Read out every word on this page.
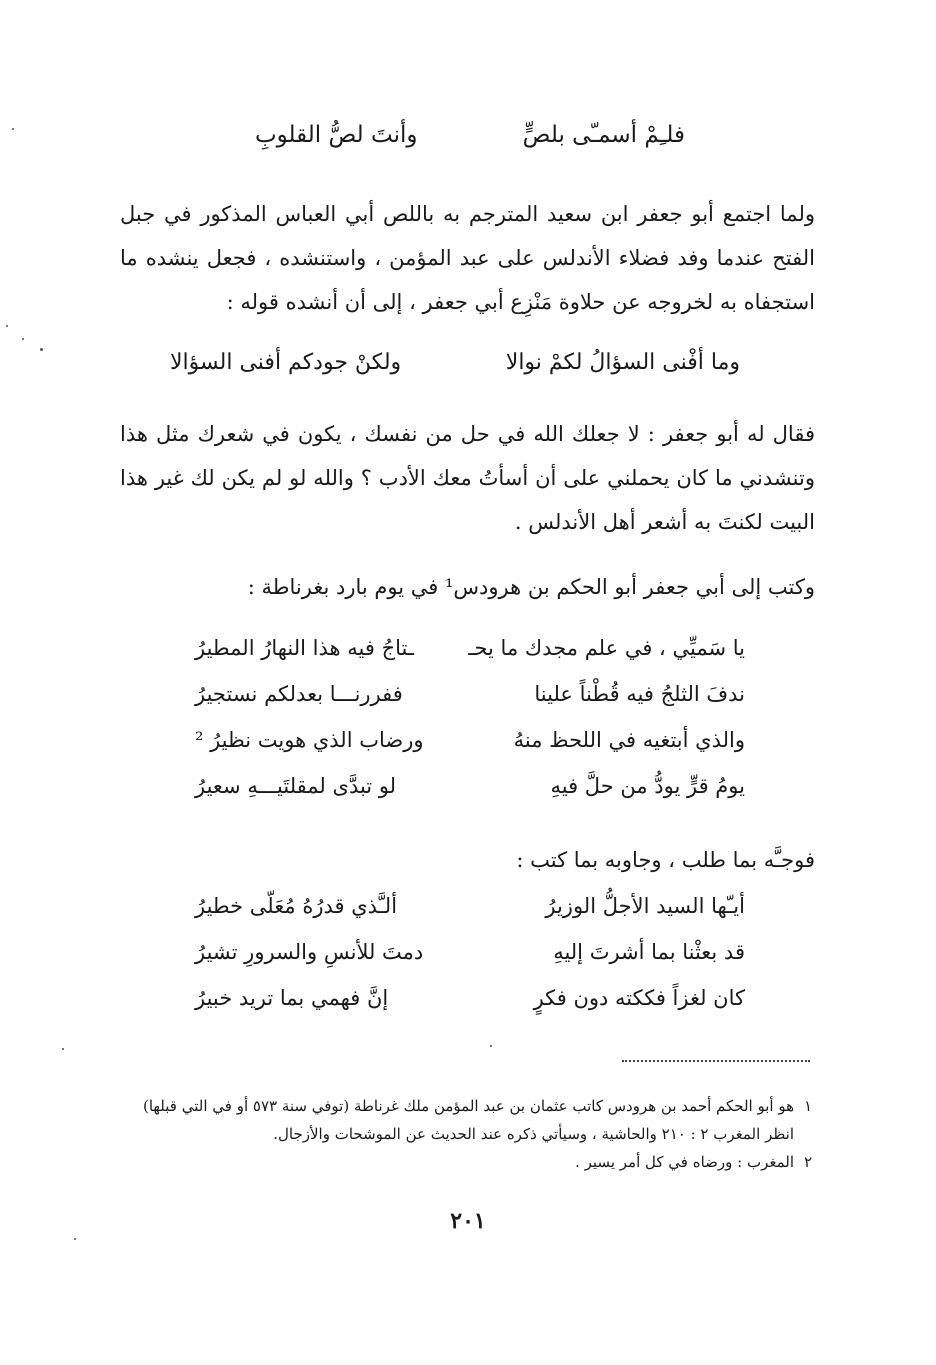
فلـِمْ أسمـّى بلصٍّ
وأنتَ لصُّ القلوبِ
ولما اجتمع أبو جعفر ابن سعيد المترجم به باللص أبي العباس المذكور في جبل الفتح عندما وفد فضلاء الأندلس على عبد المؤمن ، واستنشده ، فجعل ينشده ما استجفاه به لخروجه عن حلاوة مَنْزِع أبي جعفر ، إلى أن أنشده قوله :
وما أفْنى السؤالُ لكمْ نوالا
ولكنْ جودكم أفنى السؤالا
فقال له أبو جعفر : لا جعلك الله في حل من نفسك ، يكون في شعرك مثل هذا وتنشدني ما كان يحملني على أن أسأتُ معك الأدب ؟ والله لو لم يكن لك غير هذا البيت لكنتَ به أشعر أهل الأندلس .
وكتب إلى أبي جعفر أبو الحكم بن هرودس¹ في يوم بارد بغرناطة :
يا سَميِّي ، في علم مجدك ما يحـ
ـتاجُ فيه هذا النهارُ المطيرُ
ندفَ الثلجُ فيه قُطْناً علينا
ففررنـــا بعدلكم نستجيرُ
والذي أبتغيه في اللحظ منهُ
ورضاب الذي هويت نظيرُ ²
يومُ قرٍّ يودُّ من حلَّ فيهِ
لو تبدَّى لمقلتَيـــهِ سعيرُ
فوجـَّه بما طلب ، وجاوبه بما كتب :
أيـّها السيد الأجلُّ الوزيرُ
ألـَّذي قدرُهُ مُعَلّى خطيرُ
قد بعثْنا بما أشرتَ إليهِ
دمتَ للأنسِ والسرورِ تشيرُ
كان لغزاً فككته دون فكرٍ
إنَّ فهمي بما تريد خبيرُ
١
هو أبو الحكم أحمد بن هرودس كاتب عثمان بن عبد المؤمن ملك غرناطة (توفي سنة ٥٧٣ أو في التي قبلها) انظر المغرب ٢ : ٢١٠ والحاشية ، وسيأتي ذكره عند الحديث عن الموشحات والأزجال.
٢
المغرب : ورضاه في كل أمر يسير .
٢٠١
